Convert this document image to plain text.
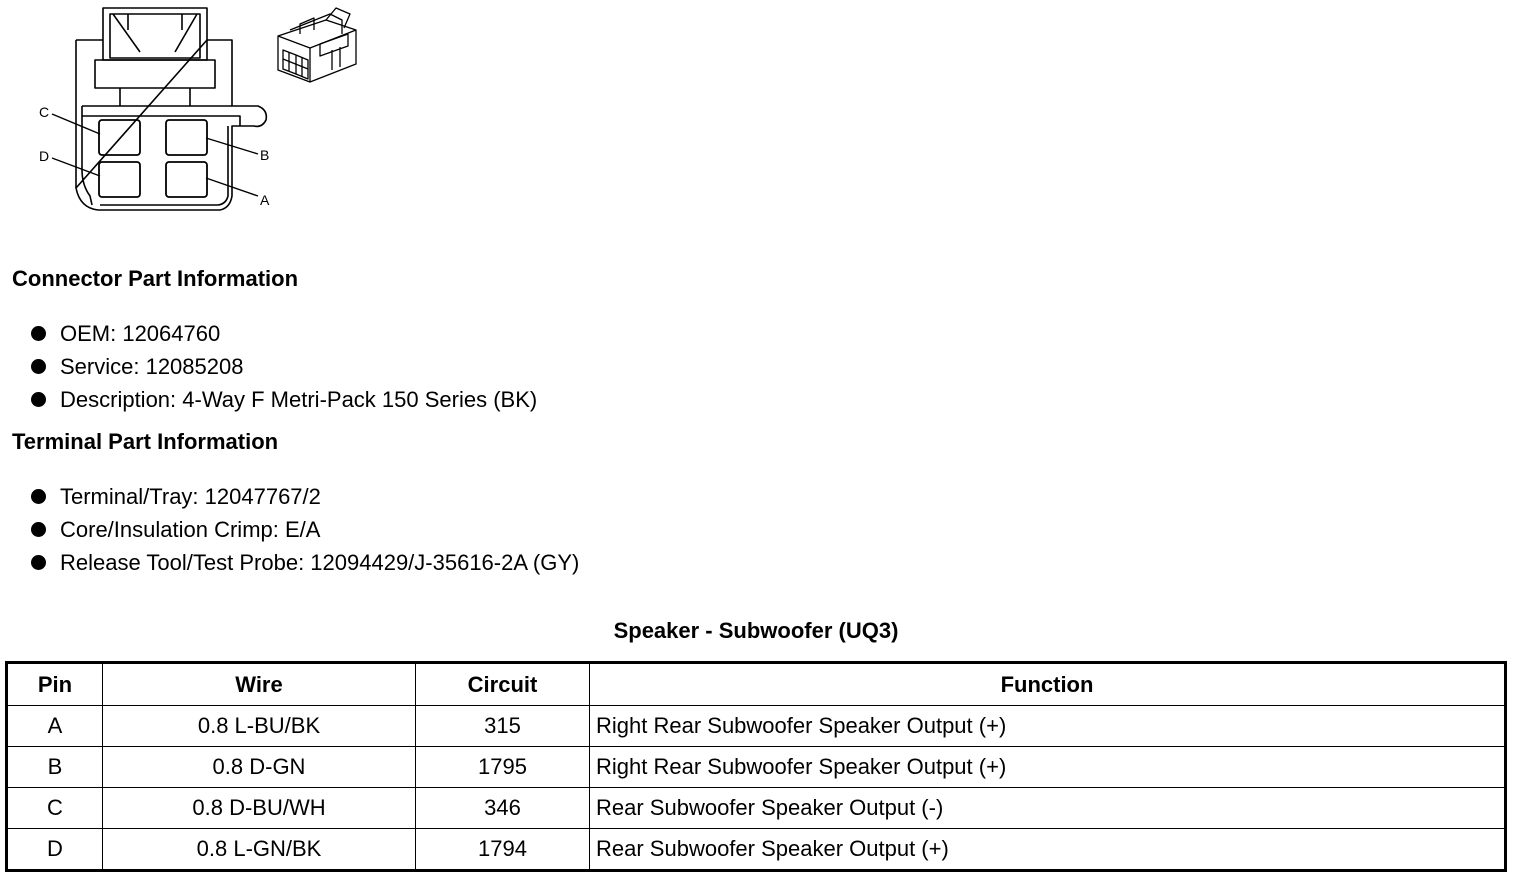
C
D	B
A
Connector Part Information
OEM: 12064760
Service: 12085208
Description: 4-Way F Metri-Pack 150 Series (BK)
Terminal Part Information
Terminal/Tray: 12047767/2
Core/Insulation Crimp: E/A
Release Tool/Test Probe: 12094429/J-35616-2A (GY)
Speaker - Subwoofer (UQ3)
Pin	Wire	Circuit	Function
A	0.8 L-BU/BK	315	Right Rear Subwoofer Speaker Output (+)
B	0.8 D-GN	1795	Right Rear Subwoofer Speaker Output (+)
C	0.8 D-BU/WH	346	Rear Subwoofer Speaker Output (-)
D	0.8 L-GN/BK	1794	Rear Subwoofer Speaker Output (+)
